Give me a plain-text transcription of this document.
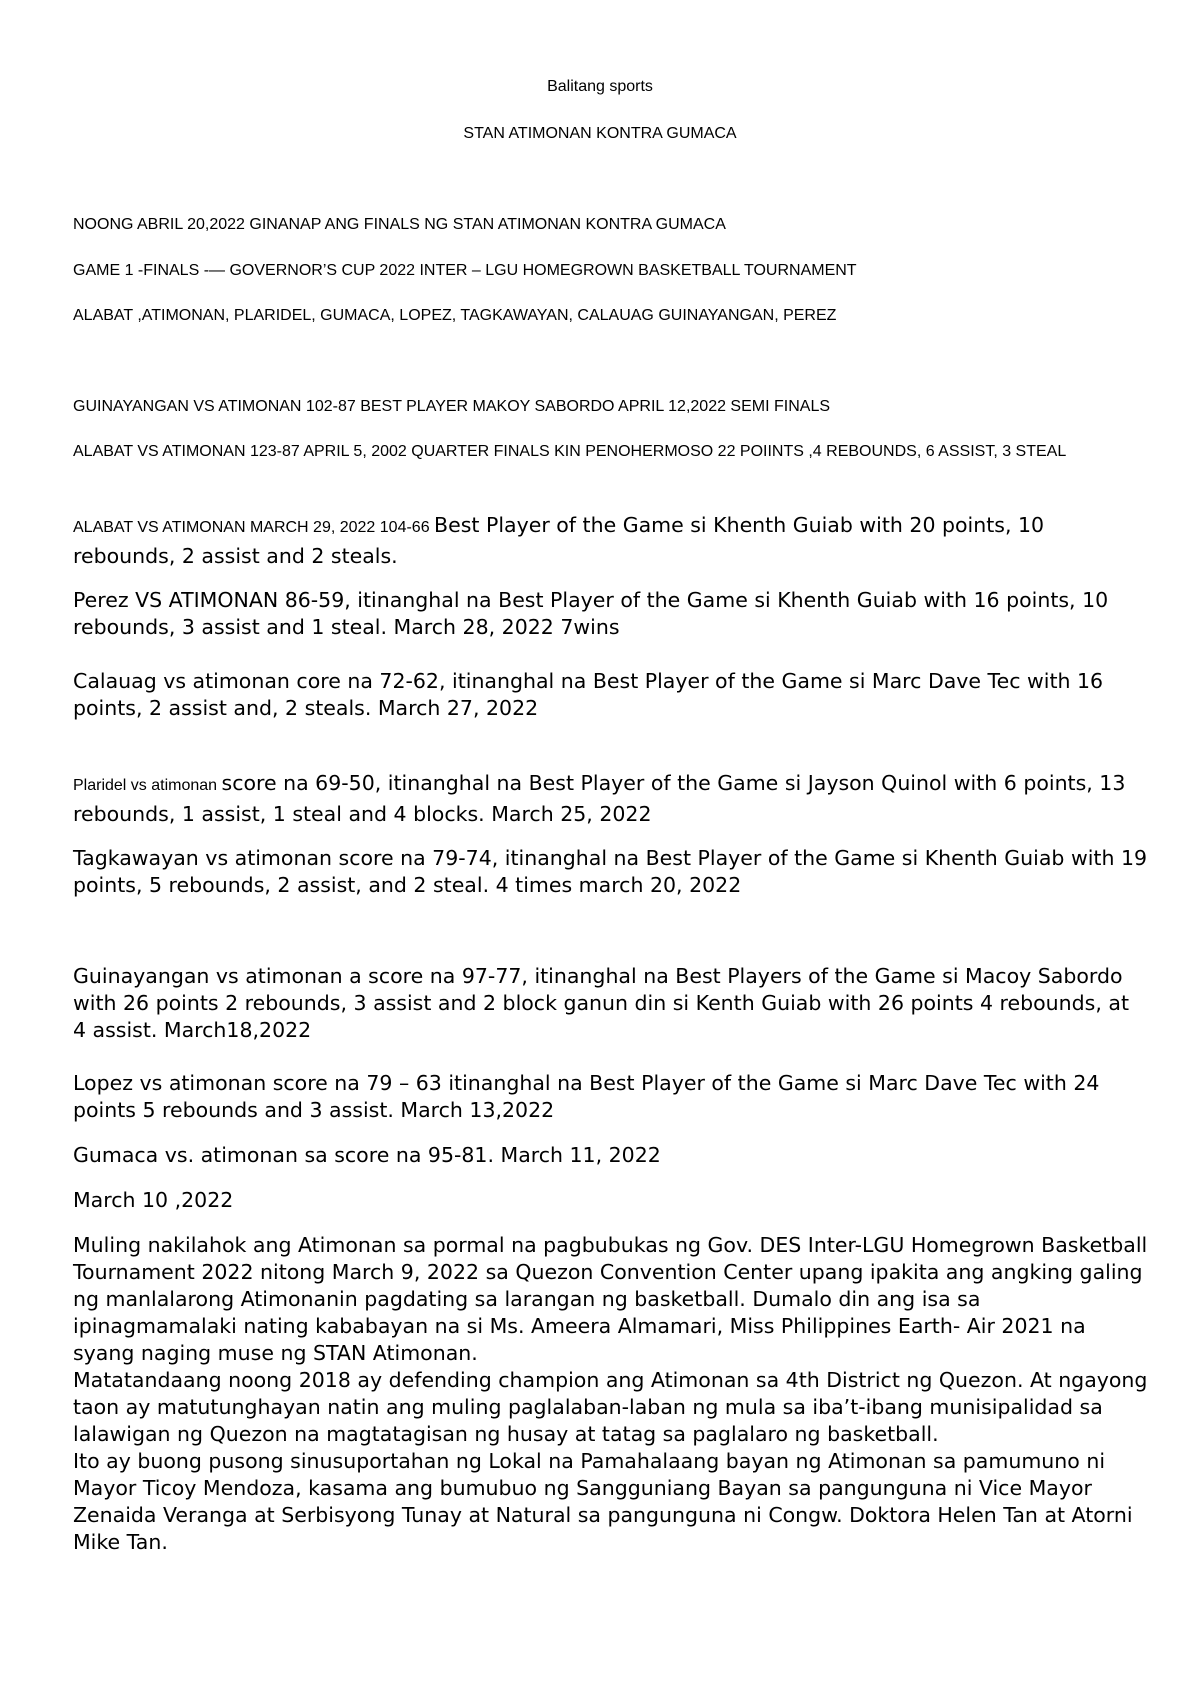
Balitang sports

STAN ATIMONAN KONTRA GUMACA

NOONG ABRIL 20,2022 GINANAP ANG FINALS NG STAN ATIMONAN KONTRA GUMACA

GAME 1 -FINALS -— GOVERNOR’S CUP 2022 INTER – LGU HOMEGROWN BASKETBALL TOURNAMENT

ALABAT ,ATIMONAN, PLARIDEL, GUMACA, LOPEZ, TAGKAWAYAN, CALAUAG GUINAYANGAN, PEREZ

GUINAYANGAN VS ATIMONAN 102-87 BEST PLAYER MAKOY SABORDO APRIL 12,2022 SEMI FINALS

ALABAT VS ATIMONAN 123-87 APRIL 5, 2002 QUARTER FINALS KIN PENOHERMOSO 22 POIINTS ,4 REBOUNDS, 6 ASSIST, 3 STEAL

ALABAT VS ATIMONAN MARCH 29, 2022 104-66 Best Player of the Game si Khenth Guiab with 20 points, 10 rebounds, 2 assist and 2 steals.

Perez VS ATIMONAN 86-59, itinanghal na Best Player of the Game si Khenth Guiab with 16 points, 10 rebounds, 3 assist and 1 steal. March 28, 2022 7wins

Calauag vs atimonan core na 72-62, itinanghal na Best Player of the Game si Marc Dave Tec with 16 points, 2 assist and, 2 steals. March 27, 2022

Plaridel vs atimonan score na 69-50, itinanghal na Best Player of the Game si Jayson Quinol with 6 points, 13 rebounds, 1 assist, 1 steal and 4 blocks. March 25, 2022

Tagkawayan vs atimonan score na 79-74, itinanghal na Best Player of the Game si Khenth Guiab with 19 points, 5 rebounds, 2 assist, and 2 steal. 4 times march 20, 2022

Guinayangan vs atimonan a score na 97-77, itinanghal na Best Players of the Game si Macoy Sabordo with 26 points 2 rebounds, 3 assist and 2 block ganun din si Kenth Guiab with 26 points 4 rebounds, at 4 assist. March18,2022

Lopez vs atimonan score na 79 – 63 itinanghal na Best Player of the Game si Marc Dave Tec with 24 points 5 rebounds and 3 assist. March 13,2022

Gumaca vs. atimonan sa score na 95-81. March 11, 2022

March 10 ,2022

Muling nakilahok ang Atimonan sa pormal na pagbubukas ng Gov. DES Inter-LGU Homegrown Basketball Tournament 2022 nitong March 9, 2022 sa Quezon Convention Center upang ipakita ang angking galing ng manlalarong Atimonanin pagdating sa larangan ng basketball. Dumalo din ang isa sa ipinagmamalaki nating kababayan na si Ms. Ameera Almamari, Miss Philippines Earth- Air 2021 na syang naging muse ng STAN Atimonan.

Matatandaang noong 2018 ay defending champion ang Atimonan sa 4th District ng Quezon. At ngayong taon ay matutunghayan natin ang muling paglalaban-laban ng mula sa iba’t-ibang munisipalidad sa lalawigan ng Quezon na magtatagisan ng husay at tatag sa paglalaro ng basketball.

Ito ay buong pusong sinusuportahan ng Lokal na Pamahalaang bayan ng Atimonan sa pamumuno ni Mayor Ticoy Mendoza, kasama ang bumubuo ng Sangguniang Bayan sa pangunguna ni Vice Mayor Zenaida Veranga at Serbisyong Tunay at Natural sa pangunguna ni Congw. Doktora Helen Tan at Atorni Mike Tan.
